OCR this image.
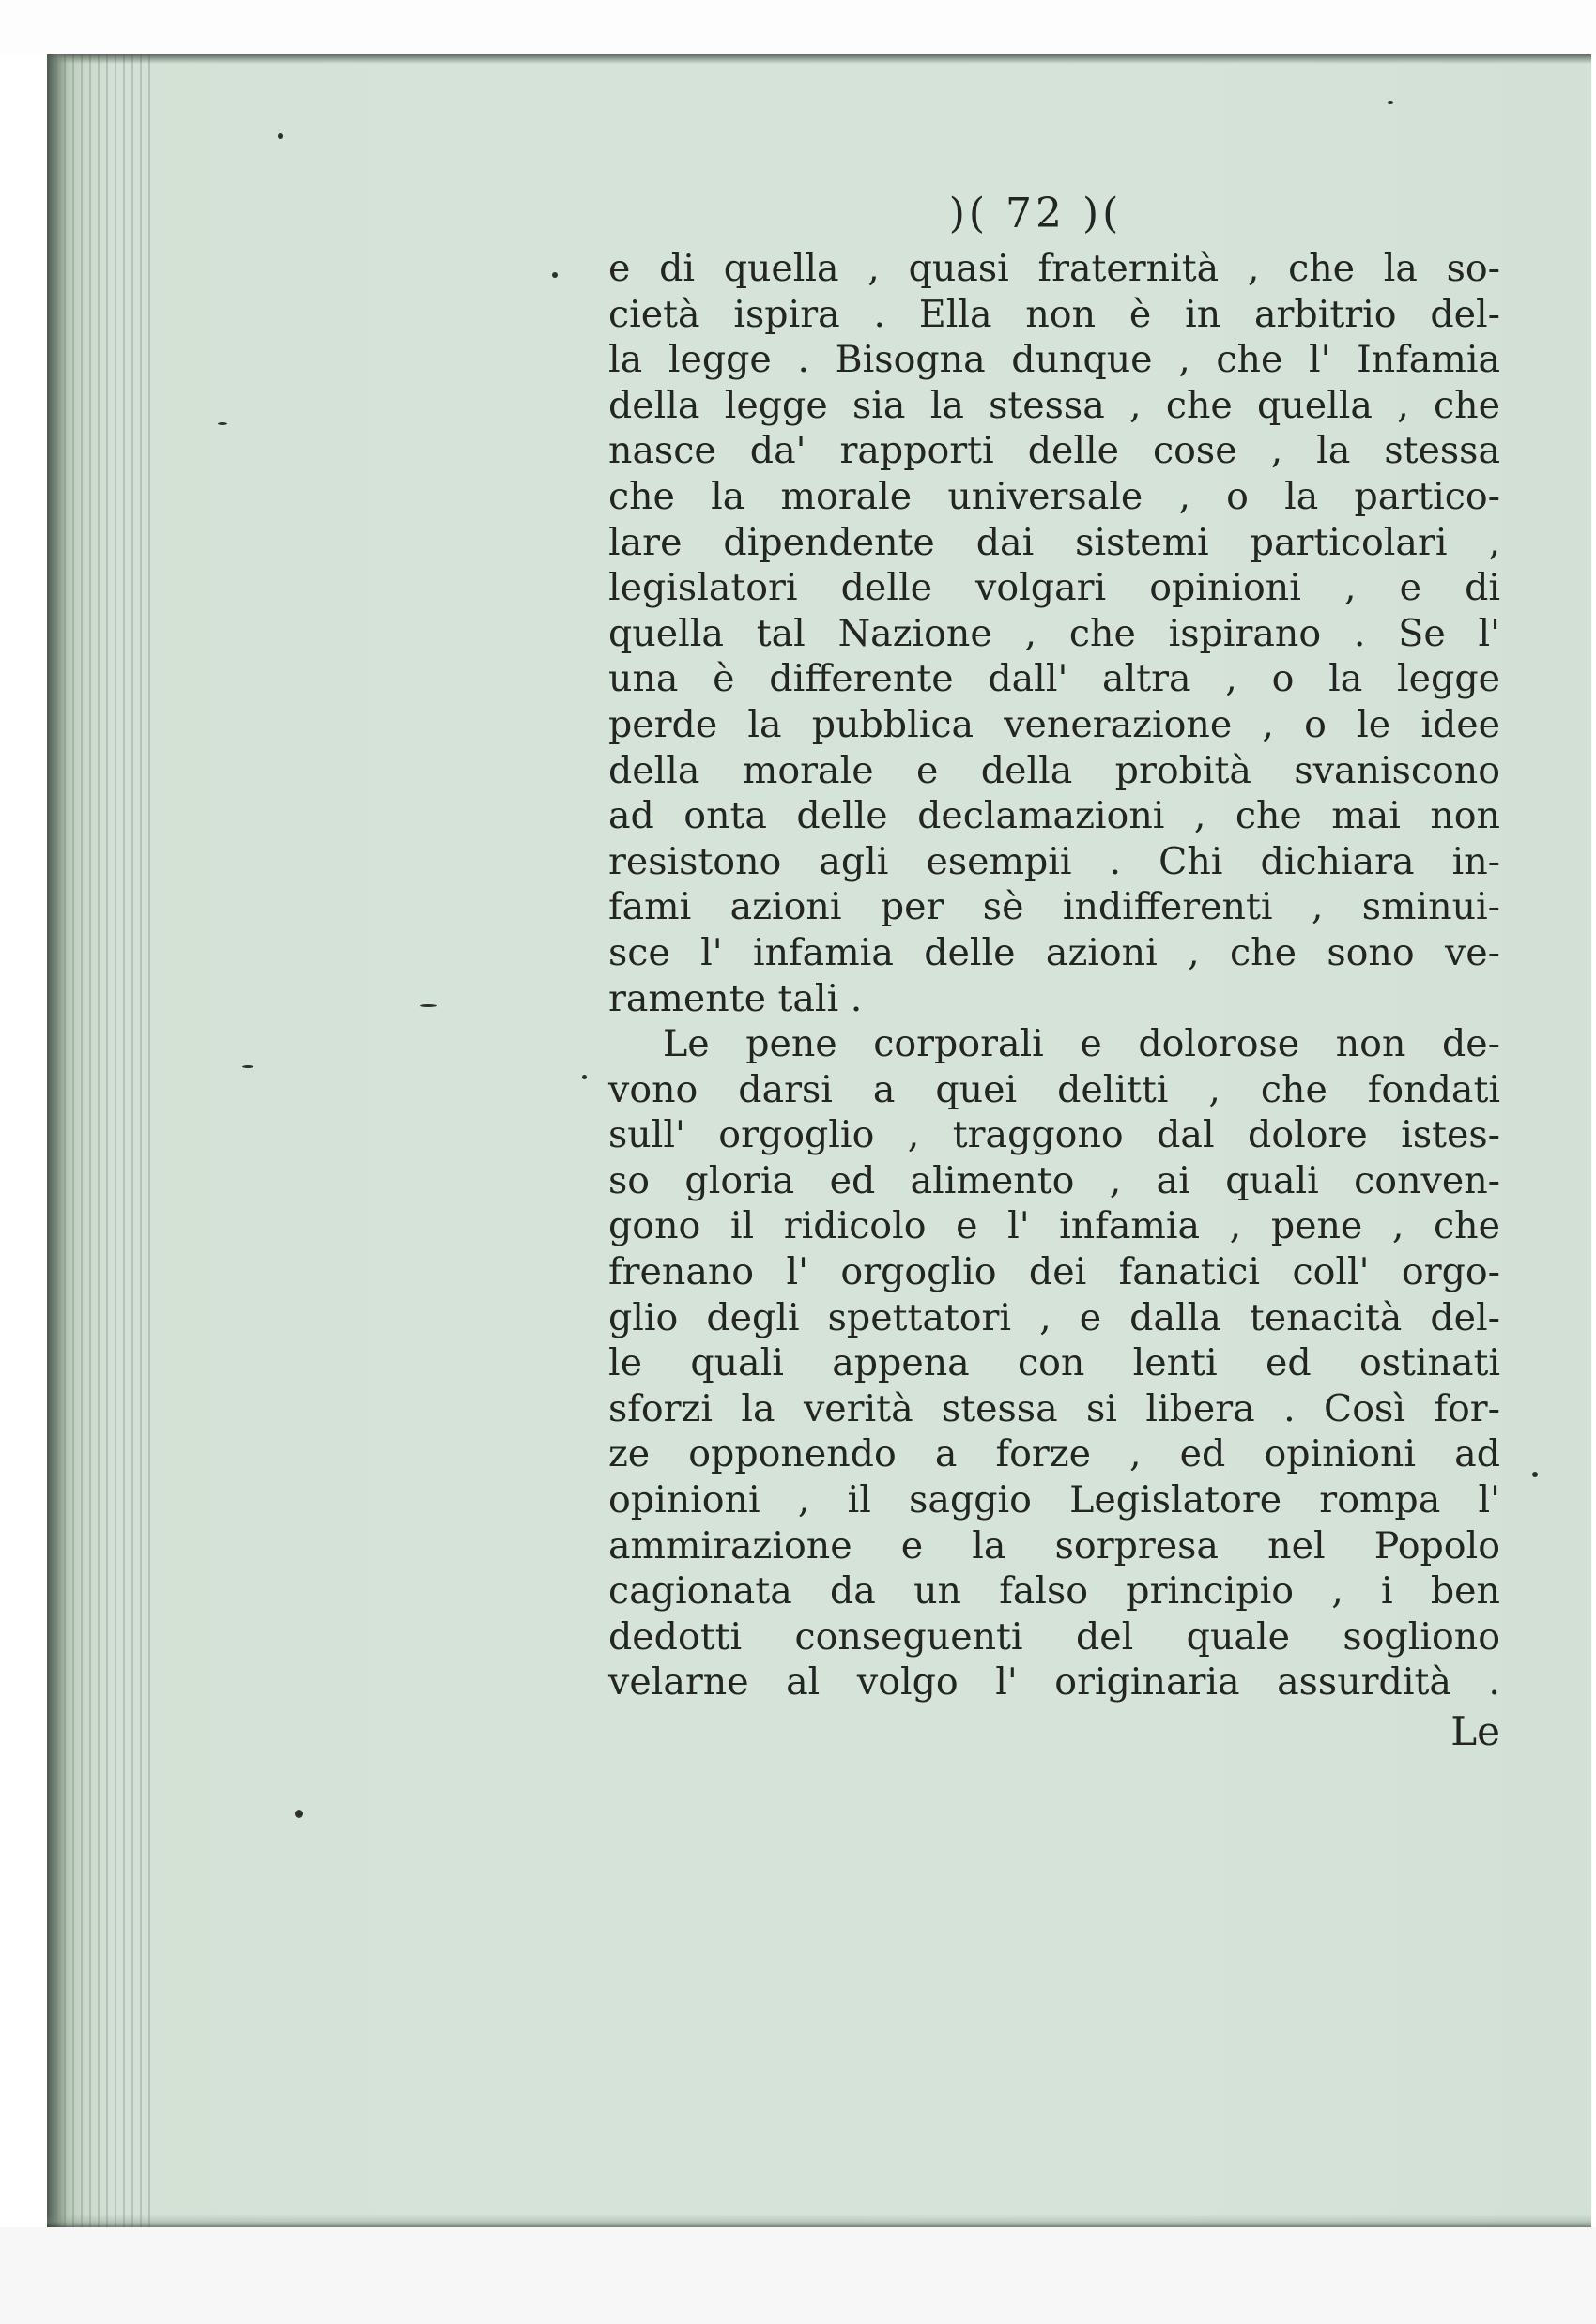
)( 72 )(
e di quella , quasi fraternità , che la so-
cietà ispira . Ella non è in arbitrio del-
la legge . Bisogna dunque , che l' Infamia
della legge sia la stessa , che quella , che
nasce da' rapporti delle cose , la stessa
che la morale universale , o la partico-
lare dipendente dai sistemi particolari ,
legislatori delle volgari opinioni , e di
quella tal Nazione , che ispirano . Se l'
una è differente dall' altra , o la legge
perde la pubblica venerazione , o le idee
della morale e della probità svaniscono
ad onta delle declamazioni , che mai non
resistono agli esempii . Chi dichiara in-
fami azioni per sè indifferenti , sminui-
sce l' infamia delle azioni , che sono ve-
ramente tali .
Le pene corporali e dolorose non de-
vono darsi a quei delitti , che fondati
sull' orgoglio , traggono dal dolore istes-
so gloria ed alimento , ai quali conven-
gono il ridicolo e l' infamia , pene , che
frenano l' orgoglio dei fanatici coll' orgo-
glio degli spettatori , e dalla tenacità del-
le quali appena con lenti ed ostinati
sforzi la verità stessa si libera . Così for-
ze opponendo a forze , ed opinioni ad
opinioni , il saggio Legislatore rompa l'
ammirazione e la sorpresa nel Popolo
cagionata da un falso principio , i ben
dedotti conseguenti del quale sogliono
velarne al volgo l' originaria assurdità .
Le
